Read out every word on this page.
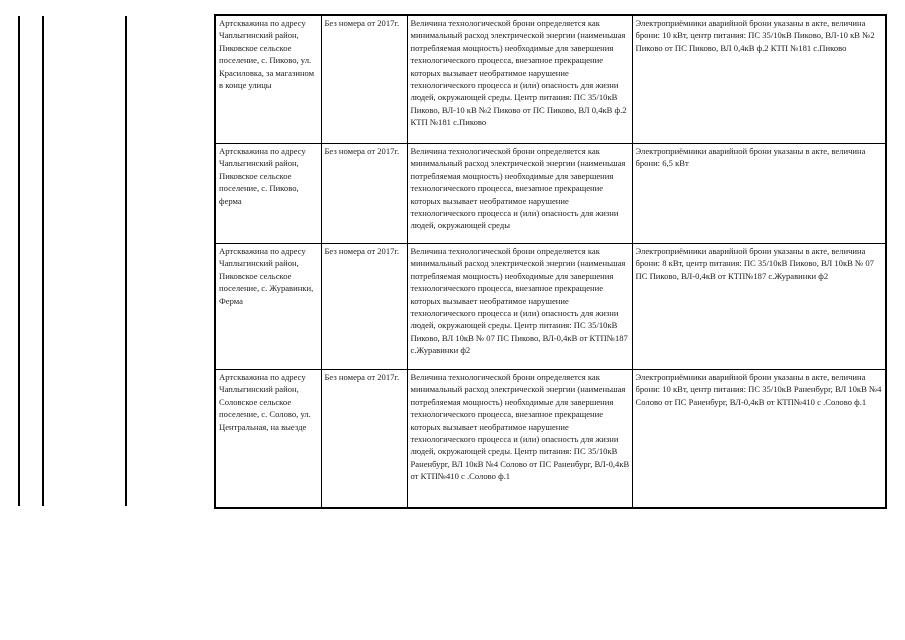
Артскважина по адресу Чаплыгинский район, Пиковское сельское поселение, с. Пиково, ул. Красиловка, за магазином в конце улицы	Без номера от 2017г.	Величина технологической брони определяется как минимальный расход электрической энергии (наименьшая потребляемая мощность) необходимые для завершения технологического процесса, внезапное прекращение которых вызывает необратимое нарушение технологического процесса и (или) опасность для жизни людей, окружающей среды. Центр питания: ПС 35/10кВ Пиково, ВЛ-10 кВ №2 Пиково от ПС Пиково, ВЛ 0,4кВ ф.2 КТП №181 с.Пиково	Электроприёмники аварийной брони указаны в акте, величина брони: 10 кВт, центр питания: ПС 35/10кВ Пиково, ВЛ-10 кВ №2 Пиково от ПС Пиково, ВЛ 0,4кВ ф.2 КТП №181 с.Пиково
Артскважина по адресу Чаплыгинский район, Пиковское сельское поселение, с. Пиково, ферма	Без номера от 2017г.	Величина технологической брони определяется как минимальный расход электрической энергии (наименьшая потребляемая мощность) необходимые для завершения технологического процесса, внезапное прекращение которых вызывает необратимое нарушение технологического процесса и (или) опасность для жизни людей, окружающей среды	Электроприёмники аварийной брони указаны в акте, величина брони: 6,5 кВт
Артскважина по адресу Чаплыгинский район, Пиковское сельское поселение, с. Журавинки, Ферма	Без номера от 2017г.	Величина технологической брони определяется как минимальный расход электрической энергии (наименьшая потребляемая мощность) необходимые для завершения технологического процесса, внезапное прекращение которых вызывает необратимое нарушение технологического процесса и (или) опасность для жизни людей, окружающей среды. Центр питания: ПС 35/10кВ Пиково, ВЛ 10кВ № 07 ПС Пиково, ВЛ-0,4кВ от КТП№187 с.Журавинки ф2	Электроприёмники аварийной брони указаны в акте, величина брони: 8 кВт, центр питания: ПС 35/10кВ Пиково, ВЛ 10кВ № 07 ПС Пиково, ВЛ-0,4кВ от КТП№187 с.Журавинки ф2
Артскважина по адресу Чаплыгинский район, Соловское сельское поселение, с. Солово, ул. Центральная, на выезде	Без номера от 2017г.	Величина технологической брони определяется как минимальный расход электрической энергии (наименьшая потребляемая мощность) необходимые для завершения технологического процесса, внезапное прекращение которых вызывает необратимое нарушение технологического процесса и (или) опасность для жизни людей, окружающей среды. Центр питания: ПС 35/10кВ Раненбург, ВЛ 10кВ №4 Солово от ПС Раненбург, ВЛ-0,4кВ от КТП№410 с .Солово ф.1	Электроприёмники аварийной брони указаны в акте, величина брони: 10 кВт, центр питания: ПС 35/10кВ Раненбург, ВЛ 10кВ №4 Солово от ПС Раненбург, ВЛ-0,4кВ от КТП№410 с .Солово ф.1
